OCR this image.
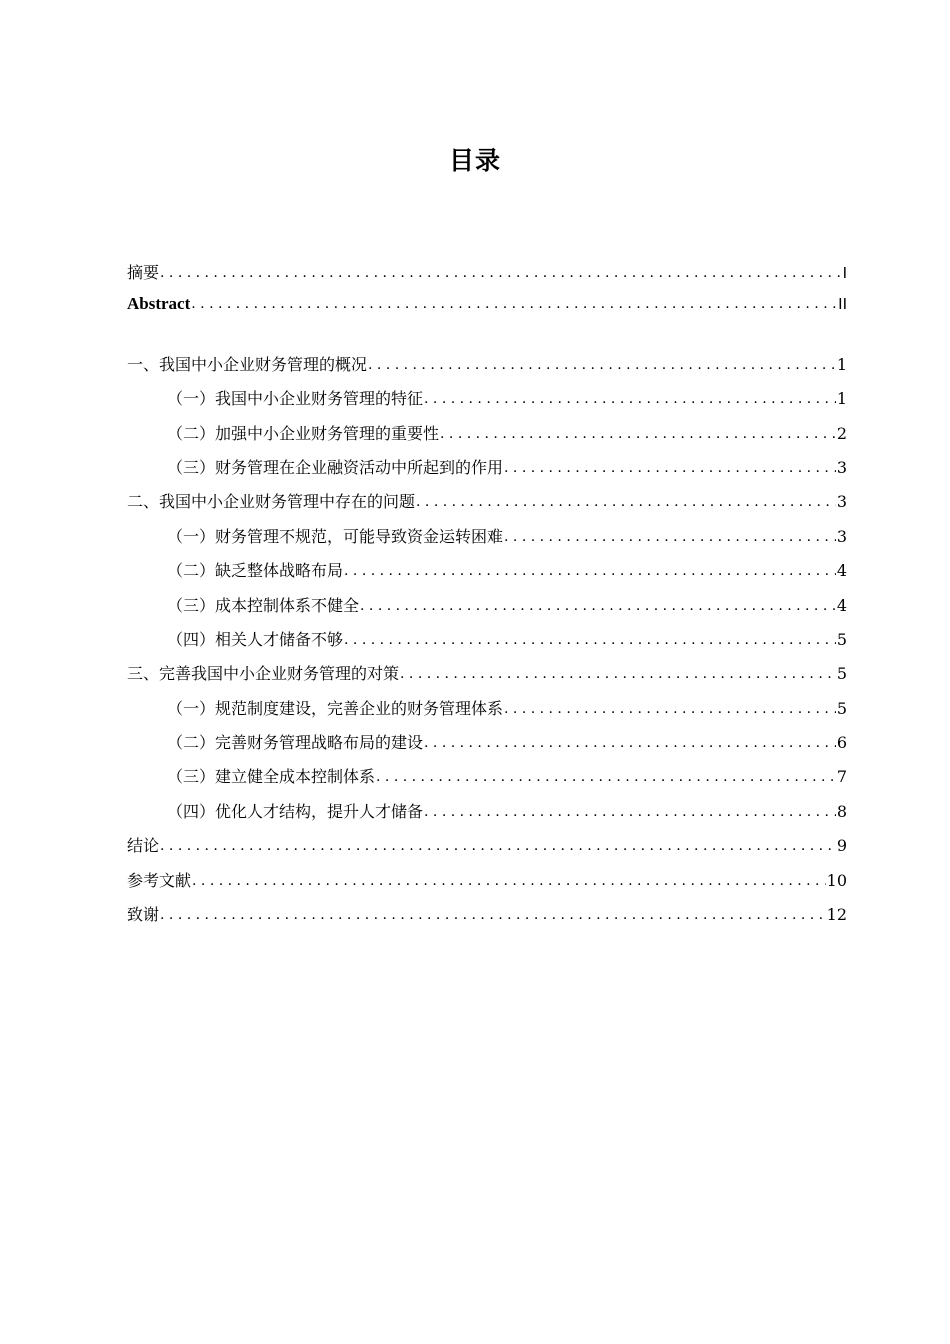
目录
摘要 . . .	I
Abstract . . .	II
一、我国中小企业财务管理的概况 . . .	1
（一）我国中小企业财务管理的特征 . . .	1
（二）加强中小企业财务管理的重要性 . . .	2
（三）财务管理在企业融资活动中所起到的作用 . . .	3
二、我国中小企业财务管理中存在的问题 . . .	3
（一）财务管理不规范，可能导致资金运转困难 . . .	3
（二）缺乏整体战略布局 . . .	4
（三）成本控制体系不健全 . . .	4
（四）相关人才储备不够 . . .	5
三、完善我国中小企业财务管理的对策 . . .	5
（一）规范制度建设，完善企业的财务管理体系 . . .	5
（二）完善财务管理战略布局的建设 . . .	6
（三）建立健全成本控制体系 . . .	7
（四）优化人才结构，提升人才储备 . . .	8
结论 . . .	9
参考文献 . . .	10
致谢 . . .	12
